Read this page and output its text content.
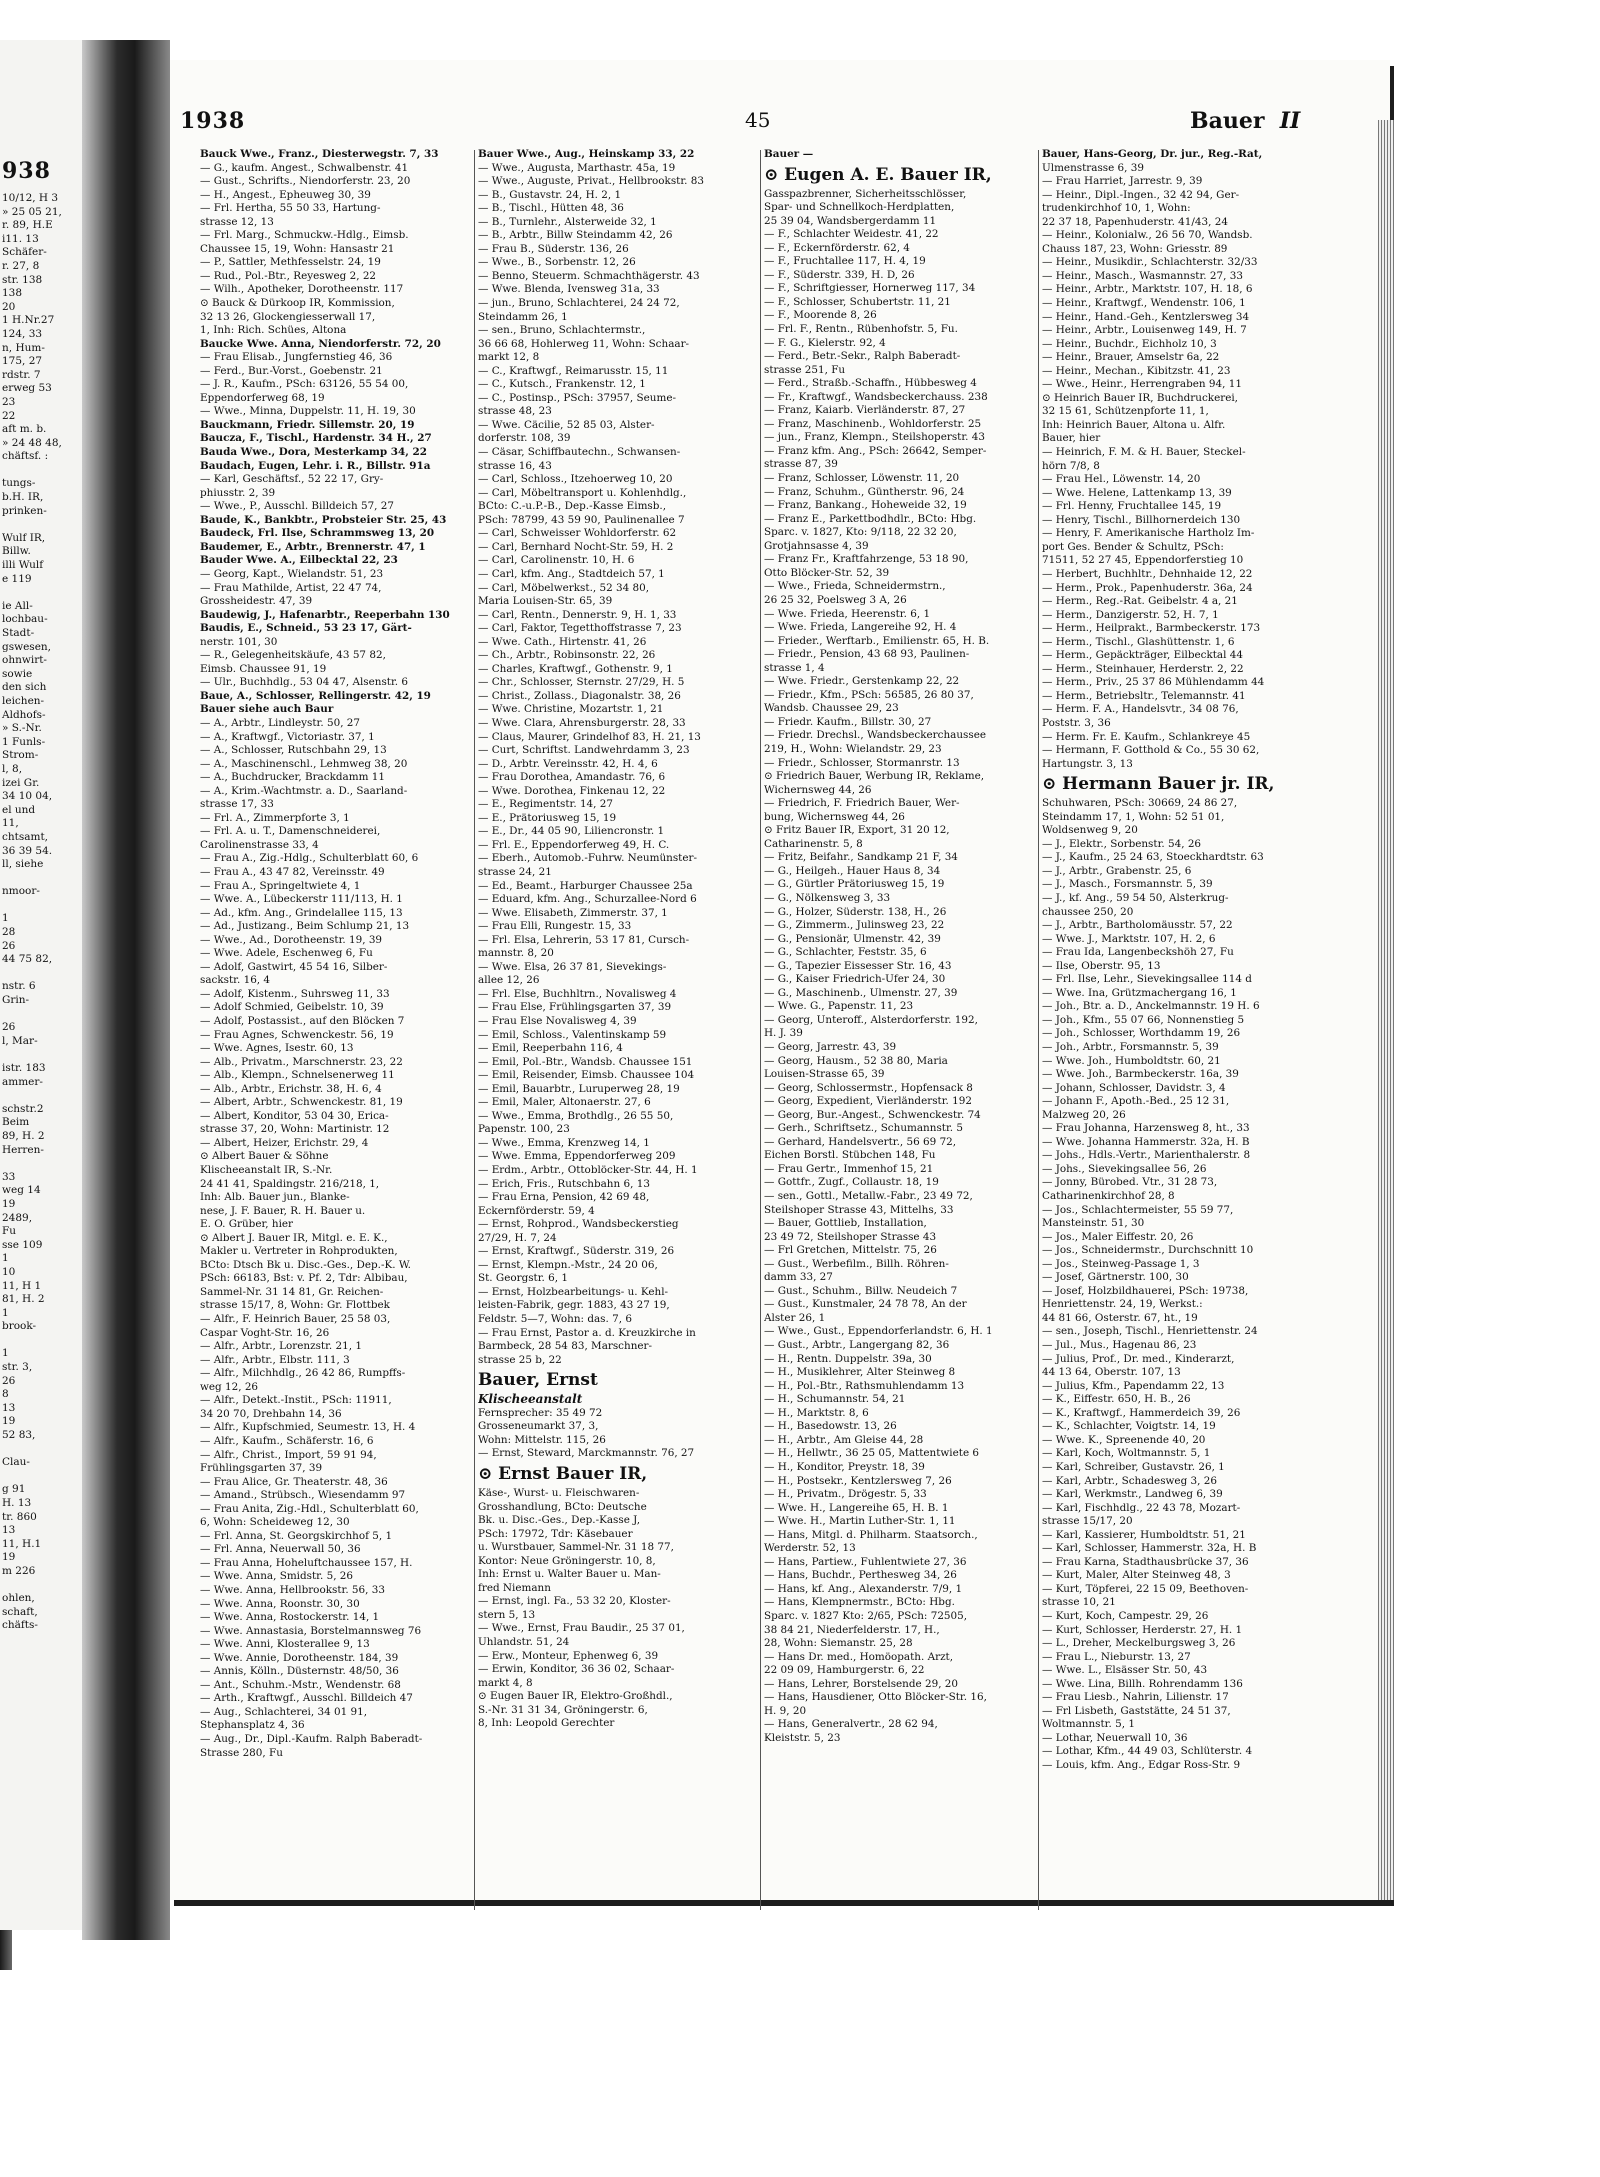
938
10/12, H 3
» 25 05 21,
r. 89, H.E
i11. 13
Schäfer-
r. 27, 8
str. 138
138
20
1 H.Nr.27
124, 33
n, Hum-
175, 27
rdstr. 7
erweg 53
23
22
aft m. b.
» 24 48 48,
chäftsf. :

tungs-
b.H. IR,
prinken-

Wulf IR,
Billw.
illi Wulf
e 119

ie All-
lochbau-
Stadt-
gswesen,
ohnwirt-
sowie
den sich
leichen-
Aldhofs-
» S.-Nr.
1 Funls-
Strom-
l, 8,
izei Gr.
34 10 04,
el und
11,
chtsamt,
36 39 54.
ll, siehe

nmoor-

1
28
26
44 75 82,

nstr. 6
Grin-

26
l, Mar-

istr. 183
ammer-

schstr.2
Beim
89, H. 2
Herren-

33
weg 14
19
2489,
Fu
sse 109
1
10
11, H 1
81, H. 2
1
brook-

1
str. 3,
26
8
13
19
52 83,

Clau-

g 91
H. 13
tr. 860
13
11, H.1
19
m 226

ohlen,
schaft,
chäfts-
1938	45	Bauer II
Bauck Wwe., Franz., Diesterwegstr. 7, 33
— G., kaufm. Angest., Schwalbenstr. 41
— Gust., Schrifts., Niendorferstr. 23, 20
— H., Angest., Epheuweg 30, 39
— Frl. Hertha, 55 50 33, Hartung-
strasse 12, 13
— Frl. Marg., Schmuckw.-Hdlg., Eimsb.
Chaussee 15, 19, Wohn: Hansastr 21
— P., Sattler, Methfesselstr. 24, 19
— Rud., Pol.-Btr., Reyesweg 2, 22
— Wilh., Apotheker, Dorotheenstr. 117
⊙ Bauck & Dürkoop IR, Kommission,
32 13 26, Glockengiesserwall 17,
1, Inh: Rich. Schües, Altona
Baucke Wwe. Anna, Niendorferstr. 72, 20
— Frau Elisab., Jungfernstieg 46, 36
— Ferd., Bur.-Vorst., Goebenstr. 21
— J. R., Kaufm., PSch: 63126, 55 54 00,
Eppendorferweg 68, 19
— Wwe., Minna, Duppelstr. 11, H. 19, 30
Bauckmann, Friedr. Sillemstr. 20, 19
Baucza, F., Tischl., Hardenstr. 34 H., 27
Bauda Wwe., Dora, Mesterkamp 34, 22
Baudach, Eugen, Lehr. i. R., Billstr. 91a
— Karl, Geschäftsf., 52 22 17, Gry-
phiusstr. 2, 39
— Wwe., P., Ausschl. Billdeich 57, 27
Baude, K., Bankbtr., Probsteier Str. 25, 43
Baudeck, Frl. Ilse, Schrammsweg 13, 20
Baudemer, E., Arbtr., Brennerstr. 47, 1
Bauder Wwe. A., Eilbecktal 22, 23
— Georg, Kapt., Wielandstr. 51, 23
— Frau Mathilde, Artist, 22 47 74,
Grossheidestr. 47, 39
Baudewig, J., Hafenarbtr., Reeperbahn 130
Baudis, E., Schneid., 53 23 17, Gärt-
nerstr. 101, 30
— R., Gelegenheitskäufe, 43 57 82,
Eimsb. Chaussee 91, 19
— Ulr., Buchhdlg., 53 04 47, Alsenstr. 6
Baue, A., Schlosser, Rellingerstr. 42, 19
Bauer siehe auch Baur
— A., Arbtr., Lindleystr. 50, 27
— A., Kraftwgf., Victoriastr. 37, 1
— A., Schlosser, Rutschbahn 29, 13
— A., Maschinenschl., Lehmweg 38, 20
— A., Buchdrucker, Brackdamm 11
— A., Krim.-Wachtmstr. a. D., Saarland-
strasse 17, 33
— Frl. A., Zimmerpforte 3, 1
— Frl. A. u. T., Damenschneiderei,
Carolinenstrasse 33, 4
— Frau A., Zig.-Hdlg., Schulterblatt 60, 6
— Frau A., 43 47 82, Vereinsstr. 49
— Frau A., Springeltwiete 4, 1
— Wwe. A., Lübeckerstr 111/113, H. 1
— Ad., kfm. Ang., Grindelallee 115, 13
— Ad., Justizang., Beim Schlump 21, 13
— Wwe., Ad., Dorotheenstr. 19, 39
— Wwe. Adele, Eschenweg 6, Fu
— Adolf, Gastwirt, 45 54 16, Silber-
sackstr. 16, 4
— Adolf, Kistenm., Suhrsweg 11, 33
— Adolf Schmied, Geibelstr. 10, 39
— Adolf, Postassist., auf den Blöcken 7
— Frau Agnes, Schwenckestr. 56, 19
— Wwe. Agnes, Isestr. 60, 13
— Alb., Privatm., Marschnerstr. 23, 22
— Alb., Klempn., Schnelsenerweg 11
— Alb., Arbtr., Erichstr. 38, H. 6, 4
— Albert, Arbtr., Schwenckestr. 81, 19
— Albert, Konditor, 53 04 30, Erica-
strasse 37, 20, Wohn: Martinistr. 12
— Albert, Heizer, Erichstr. 29, 4
⊙ Albert Bauer & Söhne
Klischeeanstalt IR, S.-Nr.
24 41 41, Spaldingstr. 216/218, 1,
Inh: Alb. Bauer jun., Blanke-
nese, J. F. Bauer, R. H. Bauer u.
E. O. Grüber, hier
⊙ Albert J. Bauer IR, Mitgl. e. E. K.,
Makler u. Vertreter in Rohprodukten,
BCto: Dtsch Bk u. Disc.-Ges., Dep.-K. W.
PSch: 66183, Bst: v. Pf. 2, Tdr: Albibau,
Sammel-Nr. 31 14 81, Gr. Reichen-
strasse 15/17, 8, Wohn: Gr. Flottbek
— Alfr., F. Heinrich Bauer, 25 58 03,
Caspar Voght-Str. 16, 26
— Alfr., Arbtr., Lorenzstr. 21, 1
— Alfr., Arbtr., Elbstr. 111, 3
— Alfr., Milchhdlg., 26 42 86, Rumpffs-
weg 12, 26
— Alfr., Detekt.-Instit., PSch: 11911,
34 20 70, Drehbahn 14, 36
— Alfr., Kupfschmied, Seumestr. 13, H. 4
— Alfr., Kaufm., Schäferstr. 16, 6
— Alfr., Christ., Import, 59 91 94,
Frühlingsgarten 37, 39
— Frau Alice, Gr. Theaterstr. 48, 36
— Amand., Strübsch., Wiesendamm 97
— Frau Anita, Zig.-Hdl., Schulterblatt 60,
6, Wohn: Scheideweg 12, 30
— Frl. Anna, St. Georgskirchhof 5, 1
— Frl. Anna, Neuerwall 50, 36
— Frau Anna, Hoheluftchaussee 157, H.
— Wwe. Anna, Smidstr. 5, 26
— Wwe. Anna, Hellbrookstr. 56, 33
— Wwe. Anna, Roonstr. 30, 30
— Wwe. Anna, Rostockerstr. 14, 1
— Wwe. Annastasia, Borstelmannsweg 76
— Wwe. Anni, Klosterallee 9, 13
— Wwe. Annie, Dorotheenstr. 184, 39
— Annis, Kölln., Düsternstr. 48/50, 36
— Ant., Schuhm.-Mstr., Wendenstr. 68
— Arth., Kraftwgf., Ausschl. Billdeich 47
— Aug., Schlachterei, 34 01 91,
Stephansplatz 4, 36
— Aug., Dr., Dipl.-Kaufm. Ralph Baberadt-
Strasse 280, Fu
Bauer Wwe., Aug., Heinskamp 33, 22
— Wwe., Augusta, Marthastr. 45a, 19
— Wwe., Auguste, Privat., Hellbrookstr. 83
— B., Gustavstr. 24, H. 2, 1
— B., Tischl., Hütten 48, 36
— B., Turnlehr., Alsterweide 32, 1
— B., Arbtr., Billw Steindamm 42, 26
— Frau B., Süderstr. 136, 26
— Wwe., B., Sorbenstr. 12, 26
— Benno, Steuerm. Schmachthägerstr. 43
— Wwe. Blenda, Ivensweg 31a, 33
— jun., Bruno, Schlachterei, 24 24 72,
Steindamm 26, 1
— sen., Bruno, Schlachtermstr.,
36 66 68, Hohlerweg 11, Wohn: Schaar-
markt 12, 8
— C., Kraftwgf., Reimarusstr. 15, 11
— C., Kutsch., Frankenstr. 12, 1
— C., Postinsp., PSch: 37957, Seume-
strasse 48, 23
— Wwe. Cäcilie, 52 85 03, Alster-
dorferstr. 108, 39
— Cäsar, Schiffbautechn., Schwansen-
strasse 16, 43
— Carl, Schloss., Itzehoerweg 10, 20
— Carl, Möbeltransport u. Kohlenhdlg.,
BCto: C.-u.P.-B., Dep.-Kasse Eimsb.,
PSch: 78799, 43 59 90, Paulinenallee 7
— Carl, Schweisser Wohldorferstr. 62
— Carl, Bernhard Nocht-Str. 59, H. 2
— Carl, Carolinenstr. 10, H. 6
— Carl, kfm. Ang., Stadtdeich 57, 1
— Carl, Möbelwerkst., 52 34 80,
Maria Louisen-Str. 65, 39
— Carl, Rentn., Dennerstr. 9, H. 1, 33
— Carl, Faktor, Tegetthoffstrasse 7, 23
— Wwe. Cath., Hirtenstr. 41, 26
— Ch., Arbtr., Robinsonstr. 22, 26
— Charles, Kraftwgf., Gothenstr. 9, 1
— Chr., Schlosser, Sternstr. 27/29, H. 5
— Christ., Zollass., Diagonalstr. 38, 26
— Wwe. Christine, Mozartstr. 1, 21
— Wwe. Clara, Ahrensburgerstr. 28, 33
— Claus, Maurer, Grindelhof 83, H. 21, 13
— Curt, Schriftst. Landwehrdamm 3, 23
— D., Arbtr. Vereinsstr. 42, H. 4, 6
— Frau Dorothea, Amandastr. 76, 6
— Wwe. Dorothea, Finkenau 12, 22
— E., Regimentstr. 14, 27
— E., Prätoriusweg 15, 19
— E., Dr., 44 05 90, Liliencronstr. 1
— Frl. E., Eppendorferweg 49, H. C.
— Eberh., Automob.-Fuhrw. Neumünster-
strasse 24, 21
— Ed., Beamt., Harburger Chaussee 25a
— Eduard, kfm. Ang., Schurzallee-Nord 6
— Wwe. Elisabeth, Zimmerstr. 37, 1
— Frau Elli, Rungestr. 15, 33
— Frl. Elsa, Lehrerin, 53 17 81, Cursch-
mannstr. 8, 20
— Wwe. Elsa, 26 37 81, Sievekings-
allee 12, 26
— Frl. Else, Buchhltrn., Novalisweg 4
— Frau Else, Frühlingsgarten 37, 39
— Frau Else Novalisweg 4, 39
— Emil, Schloss., Valentinskamp 59
— Emil, Reeperbahn 116, 4
— Emil, Pol.-Btr., Wandsb. Chaussee 151
— Emil, Reisender, Eimsb. Chaussee 104
— Emil, Bauarbtr., Luruperweg 28, 19
— Emil, Maler, Altonaerstr. 27, 6
— Wwe., Emma, Brothdlg., 26 55 50,
Papenstr. 100, 23
— Wwe., Emma, Krenzweg 14, 1
— Wwe. Emma, Eppendorferweg 209
— Erdm., Arbtr., Ottoblöcker-Str. 44, H. 1
— Erich, Fris., Rutschbahn 6, 13
— Frau Erna, Pension, 42 69 48,
Eckernförderstr. 59, 4
— Ernst, Rohprod., Wandsbeckerstieg
27/29, H. 7, 24
— Ernst, Kraftwgf., Süderstr. 319, 26
— Ernst, Klempn.-Mstr., 24 20 06,
St. Georgstr. 6, 1
— Ernst, Holzbearbeitungs- u. Kehl-
leisten-Fabrik, gegr. 1883, 43 27 19,
Feldstr. 5—7, Wohn: das. 7, 6
— Frau Ernst, Pastor a. d. Kreuzkirche in
Barmbeck, 28 54 83, Marschner-
strasse 25 b, 22
Bauer, Ernst
Klischeeanstalt
Fernsprecher: 35 49 72
Grosseneumarkt 37, 3,
Wohn: Mittelstr. 115, 26
— Ernst, Steward, Marckmannstr. 76, 27
⊙ Ernst Bauer IR,
Käse-, Wurst- u. Fleischwaren-
Grosshandlung, BCto: Deutsche
Bk. u. Disc.-Ges., Dep.-Kasse J,
PSch: 17972, Tdr: Käsebauer
u. Wurstbauer, Sammel-Nr. 31 18 77,
Kontor: Neue Gröningerstr. 10, 8,
Inh: Ernst u. Walter Bauer u. Man-
fred Niemann
— Ernst, ingl. Fa., 53 32 20, Kloster-
stern 5, 13
— Wwe., Ernst, Frau Baudir., 25 37 01,
Uhlandstr. 51, 24
— Erw., Monteur, Ephenweg 6, 39
— Erwin, Konditor, 36 36 02, Schaar-
markt 4, 8
⊙ Eugen Bauer IR, Elektro-Großhdl.,
S.-Nr. 31 31 34, Gröningerstr. 6,
8, Inh: Leopold Gerechter
Bauer —
⊙ Eugen A. E. Bauer IR,
Gasspazbrenner, Sicherheitsschlösser,
Spar- und Schnellkoch-Herdplatten,
25 39 04, Wandsbergerdamm 11
— F., Schlachter Weidestr. 41, 22
— F., Eckernförderstr. 62, 4
— F., Fruchtallee 117, H. 4, 19
— F., Süderstr. 339, H. D, 26
— F., Schriftgiesser, Hornerweg 117, 34
— F., Schlosser, Schubertstr. 11, 21
— F., Moorende 8, 26
— Frl. F., Rentn., Rübenhofstr. 5, Fu.
— F. G., Kielerstr. 92, 4
— Ferd., Betr.-Sekr., Ralph Baberadt-
strasse 251, Fu
— Ferd., Straßb.-Schaffn., Hübbesweg 4
— Fr., Kraftwgf., Wandsbeckerchauss. 238
— Franz, Kaiarb. Vierländerstr. 87, 27
— Franz, Maschinenb., Wohldorferstr. 25
— jun., Franz, Klempn., Steilshoperstr. 43
— Franz kfm. Ang., PSch: 26642, Semper-
strasse 87, 39
— Franz, Schlosser, Löwenstr. 11, 20
— Franz, Schuhm., Güntherstr. 96, 24
— Franz, Bankang., Hoheweide 32, 19
— Franz E., Parkettbodhdlr., BCto: Hbg.
Sparc. v. 1827, Kto: 9/118, 22 32 20,
Grotjahnsasse 4, 39
— Franz Fr., Kraftfahrzenge, 53 18 90,
Otto Blöcker-Str. 52, 39
— Wwe., Frieda, Schneidermstrn.,
26 25 32, Poelsweg 3 A, 26
— Wwe. Frieda, Heerenstr. 6, 1
— Wwe. Frieda, Langereihe 92, H. 4
— Frieder., Werftarb., Emilienstr. 65, H. B.
— Friedr., Pension, 43 68 93, Paulinen-
strasse 1, 4
— Wwe. Friedr., Gerstenkamp 22, 22
— Friedr., Kfm., PSch: 56585, 26 80 37,
Wandsb. Chaussee 29, 23
— Friedr. Kaufm., Billstr. 30, 27
— Friedr. Drechsl., Wandsbeckerchaussee
219, H., Wohn: Wielandstr. 29, 23
— Friedr., Schlosser, Stormanrstr. 13
⊙ Friedrich Bauer, Werbung IR, Reklame,
Wichernsweg 44, 26
— Friedrich, F. Friedrich Bauer, Wer-
bung, Wichernsweg 44, 26
⊙ Fritz Bauer IR, Export, 31 20 12,
Catharinenstr. 5, 8
— Fritz, Beifahr., Sandkamp 21 F, 34
— G., Heilgeh., Hauer Haus 8, 34
— G., Gürtler Prätoriusweg 15, 19
— G., Nölkensweg 3, 33
— G., Holzer, Süderstr. 138, H., 26
— G., Zimmerm., Julinsweg 23, 22
— G., Pensionär, Ulmenstr. 42, 39
— G., Schlachter, Feststr. 35, 6
— G., Tapezier Eissesser Str. 16, 43
— G., Kaiser Friedrich-Ufer 24, 30
— G., Maschinenb., Ulmenstr. 27, 39
— Wwe. G., Papenstr. 11, 23
— Georg, Unteroff., Alsterdorferstr. 192,
H. J. 39
— Georg, Jarrestr. 43, 39
— Georg, Hausm., 52 38 80, Maria
Louisen-Strasse 65, 39
— Georg, Schlossermstr., Hopfensack 8
— Georg, Expedient, Vierländerstr. 192
— Georg, Bur.-Angest., Schwenckestr. 74
— Gerh., Schriftsetz., Schumannstr. 5
— Gerhard, Handelsvertr., 56 69 72,
Eichen Borstl. Stübchen 148, Fu
— Frau Gertr., Immenhof 15, 21
— Gottfr., Zugf., Collaustr. 18, 19
— sen., Gottl., Metallw.-Fabr., 23 49 72,
Steilshoper Strasse 43, Mittelhs, 33
— Bauer, Gottlieb, Installation,
23 49 72, Steilshoper Strasse 43
— Frl Gretchen, Mittelstr. 75, 26
— Gust., Werbefilm., Billh. Röhren-
damm 33, 27
— Gust., Schuhm., Billw. Neudeich 7
— Gust., Kunstmaler, 24 78 78, An der
Alster 26, 1
— Wwe., Gust., Eppendorferlandstr. 6, H. 1
— Gust., Arbtr., Langergang 82, 36
— H., Rentn. Duppelstr. 39a, 30
— H., Musiklehrer, Alter Steinweg 8
— H., Pol.-Btr., Rathsmuhlendamm 13
— H., Schumannstr. 54, 21
— H., Marktstr. 8, 6
— H., Basedowstr. 13, 26
— H., Arbtr., Am Gleise 44, 28
— H., Hellwtr., 36 25 05, Mattentwiete 6
— H., Konditor, Preystr. 18, 39
— H., Postsekr., Kentzlersweg 7, 26
— H., Privatm., Drögestr. 5, 33
— Wwe. H., Langereihe 65, H. B. 1
— Wwe. H., Martin Luther-Str. 1, 11
— Hans, Mitgl. d. Philharm. Staatsorch.,
Werderstr. 52, 13
— Hans, Partiew., Fuhlentwiete 27, 36
— Hans, Buchdr., Perthesweg 34, 26
— Hans, kf. Ang., Alexanderstr. 7/9, 1
— Hans, Klempnermstr., BCto: Hbg.
Sparc. v. 1827 Kto: 2/65, PSch: 72505,
38 84 21, Niederfelderstr. 17, H.,
28, Wohn: Siemanstr. 25, 28
— Hans Dr. med., Homöopath. Arzt,
22 09 09, Hamburgerstr. 6, 22
— Hans, Lehrer, Borstelsende 29, 20
— Hans, Hausdiener, Otto Blöcker-Str. 16,
H. 9, 20
— Hans, Generalvertr., 28 62 94,
Kleiststr. 5, 23
Bauer, Hans-Georg, Dr. jur., Reg.-Rat,
Ulmenstrasse 6, 39
— Frau Harriet, Jarrestr. 9, 39
— Heinr., Dipl.-Ingen., 32 42 94, Ger-
trudenkirchhof 10, 1, Wohn:
22 37 18, Papenhuderstr. 41/43, 24
— Heinr., Kolonialw., 26 56 70, Wandsb.
Chauss 187, 23, Wohn: Griesstr. 89
— Heinr., Musikdir., Schlachterstr. 32/33
— Heinr., Masch., Wasmannstr. 27, 33
— Heinr., Arbtr., Marktstr. 107, H. 18, 6
— Heinr., Kraftwgf., Wendenstr. 106, 1
— Heinr., Hand.-Geh., Kentzlersweg 34
— Heinr., Arbtr., Louisenweg 149, H. 7
— Heinr., Buchdr., Eichholz 10, 3
— Heinr., Brauer, Amselstr 6a, 22
— Heinr., Mechan., Kibitzstr. 41, 23
— Wwe., Heinr., Herrengraben 94, 11
⊙ Heinrich Bauer IR, Buchdruckerei,
32 15 61, Schützenpforte 11, 1,
Inh: Heinrich Bauer, Altona u. Alfr.
Bauer, hier
— Heinrich, F. M. & H. Bauer, Steckel-
hörn 7/8, 8
— Frau Hel., Löwenstr. 14, 20
— Wwe. Helene, Lattenkamp 13, 39
— Frl. Henny, Fruchtallee 145, 19
— Henry, Tischl., Billhornerdeich 130
— Henry, F. Amerikanische Hartholz Im-
port Ges. Bender & Schultz, PSch:
71511, 52 27 45, Eppendorferstieg 10
— Herbert, Buchhltr., Dehnhaide 12, 22
— Herm., Prok., Papenhuderstr. 36a, 24
— Herm., Reg.-Rat. Geibelstr. 4 a, 21
— Herm., Danzigerstr. 52, H. 7, 1
— Herm., Heilprakt., Barmbeckerstr. 173
— Herm., Tischl., Glashüttenstr. 1, 6
— Herm., Gepäckträger, Eilbecktal 44
— Herm., Steinhauer, Herderstr. 2, 22
— Herm., Priv., 25 37 86 Mühlendamm 44
— Herm., Betriebsltr., Telemannstr. 41
— Herm. F. A., Handelsvtr., 34 08 76,
Poststr. 3, 36
— Herm. Fr. E. Kaufm., Schlankreye 45
— Hermann, F. Gotthold & Co., 55 30 62,
Hartungstr. 3, 13
⊙ Hermann Bauer jr. IR,
Schuhwaren, PSch: 30669, 24 86 27,
Steindamm 17, 1, Wohn: 52 51 01,
Woldsenweg 9, 20
— J., Elektr., Sorbenstr. 54, 26
— J., Kaufm., 25 24 63, Stoeckhardtstr. 63
— J., Arbtr., Grabenstr. 25, 6
— J., Masch., Forsmannstr. 5, 39
— J., kf. Ang., 59 54 50, Alsterkrug-
chaussee 250, 20
— J., Arbtr., Bartholomäusstr. 57, 22
— Wwe. J., Marktstr. 107, H. 2, 6
— Frau Ida, Langenbeckshöh 27, Fu
— Ilse, Oberstr. 95, 13
— Frl. Ilse, Lehr., Sievekingsallee 114 d
— Wwe. Ina, Grützmachergang 16, 1
— Joh., Btr. a. D., Anckelmannstr. 19 H. 6
— Joh., Kfm., 55 07 66, Nonnenstieg 5
— Joh., Schlosser, Worthdamm 19, 26
— Joh., Arbtr., Forsmannstr. 5, 39
— Wwe. Joh., Humboldtstr. 60, 21
— Wwe. Joh., Barmbeckerstr. 16a, 39
— Johann, Schlosser, Davidstr. 3, 4
— Johann F., Apoth.-Bed., 25 12 31,
Malzweg 20, 26
— Frau Johanna, Harzensweg 8, ht., 33
— Wwe. Johanna Hammerstr. 32a, H. B
— Johs., Hdls.-Vertr., Marienthalerstr. 8
— Johs., Sievekingsallee 56, 26
— Jonny, Bürobed. Vtr., 31 28 73,
Catharinenkirchhof 28, 8
— Jos., Schlachtermeister, 55 59 77,
Mansteinstr. 51, 30
— Jos., Maler Eiffestr. 20, 26
— Jos., Schneidermstr., Durchschnitt 10
— Jos., Steinweg-Passage 1, 3
— Josef, Gärtnerstr. 100, 30
— Josef, Holzbildhauerei, PSch: 19738,
Henriettenstr. 24, 19, Werkst.:
44 81 66, Osterstr. 67, ht., 19
— sen., Joseph, Tischl., Henriettenstr. 24
— Jul., Mus., Hagenau 86, 23
— Julius, Prof., Dr. med., Kinderarzt,
44 13 64, Oberstr. 107, 13
— Julius, Kfm., Papendamm 22, 13
— K., Eiffestr. 650, H. B., 26
— K., Kraftwgf., Hammerdeich 39, 26
— K., Schlachter, Voigtstr. 14, 19
— Wwe. K., Spreenende 40, 20
— Karl, Koch, Woltmannstr. 5, 1
— Karl, Schreiber, Gustavstr. 26, 1
— Karl, Arbtr., Schadesweg 3, 26
— Karl, Werkmstr., Landweg 6, 39
— Karl, Fischhdlg., 22 43 78, Mozart-
strasse 15/17, 20
— Karl, Kassierer, Humboldtstr. 51, 21
— Karl, Schlosser, Hammerstr. 32a, H. B
— Frau Karna, Stadthausbrücke 37, 36
— Kurt, Maler, Alter Steinweg 48, 3
— Kurt, Töpferei, 22 15 09, Beethoven-
strasse 10, 21
— Kurt, Koch, Campestr. 29, 26
— Kurt, Schlosser, Herderstr. 27, H. 1
— L., Dreher, Meckelburgsweg 3, 26
— Frau L., Nieburstr. 13, 27
— Wwe. L., Elsässer Str. 50, 43
— Wwe. Lina, Billh. Rohrendamm 136
— Frau Liesb., Nahrin, Lilienstr. 17
— Frl Lisbeth, Gaststätte, 24 51 37,
Woltmannstr. 5, 1
— Lothar, Neuerwall 10, 36
— Lothar, Kfm., 44 49 03, Schlüterstr. 4
— Louis, kfm. Ang., Edgar Ross-Str. 9
